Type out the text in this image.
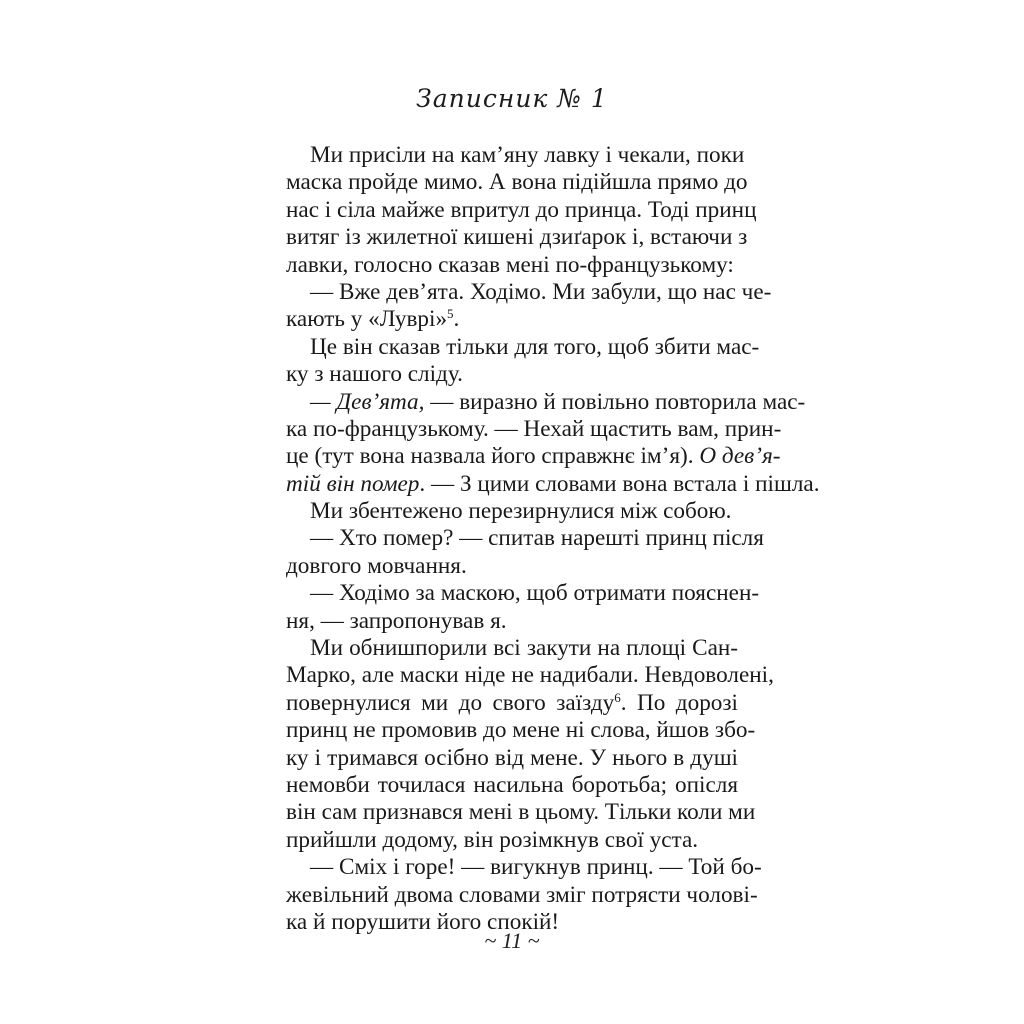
Записник № 1
Ми присіли на кам’яну лавку і чекали, поки
маска пройде мимо. А вона підійшла прямо до
нас і сіла майже впритул до принца. Тоді принц
витяг із жилетної кишені дзиґарок і, встаючи з
лавки, голосно сказав мені по-французькому:
— Вже дев’ята. Ходімо. Ми забули, що нас че-
кають у «Луврі»$^5$.
Це він сказав тільки для того, щоб збити мас-
ку з нашого сліду.
— Дев’ята, — виразно й повільно повторила мас-
ка по-французькому. — Нехай щастить вам, прин-
це (тут вона назвала його справжнє ім’я). О дев’я-
тій він помер. — З цими словами вона встала і пішла.
Ми збентежено перезирнулися між собою.
— Хто помер? — спитав нарешті принц після
довгого мовчання.
— Ходімо за маскою, щоб отримати пояснен-
ня, — запропонував я.
Ми обнишпорили всі закути на площі Сан-
Марко, але маски ніде не надибали. Невдоволені,
повернулися ми до свого заїзду$^6$. По дорозі
принц не промовив до мене ні слова, йшов збо-
ку і тримався осібно від мене. У нього в душі
немовби точилася насильна боротьба; опісля
він сам признався мені в цьому. Тільки коли ми
прийшли додому, він розімкнув свої уста.
— Сміх і горе! — вигукнув принц. — Той бо-
жевільний двома словами зміг потрясти чолові-
ка й порушити його спокій!
~ 11 ~
